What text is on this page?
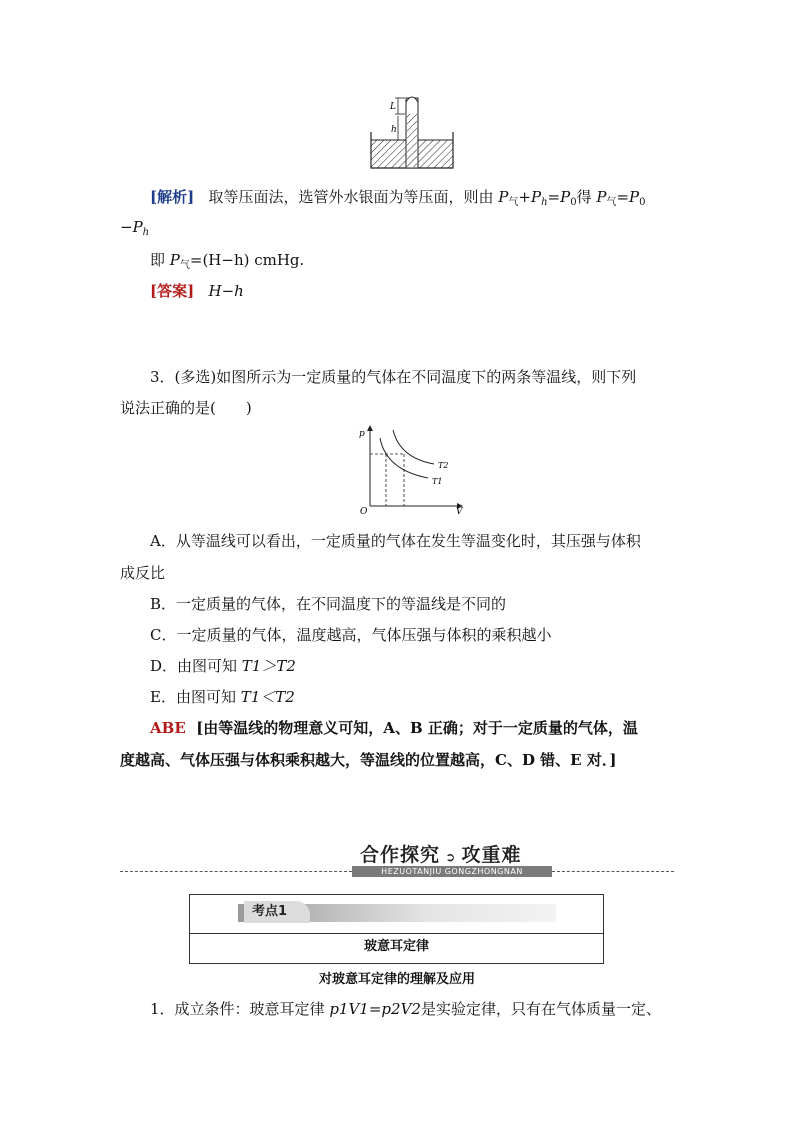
L
h
[解析] 取等压面法，选管外水银面为等压面，则由 $P_气+P_h=P_0$得 $P_气=P_0$
$-P_h$
即 $P_气=(H-h)$ cmHg.
[答案] H−h
3．(多选)如图所示为一定质量的气体在不同温度下的两条等温线，则下列
说法正确的是(　　)
p
V
O
T2
T1
A．从等温线可以看出，一定质量的气体在发生等温变化时，其压强与体积
成反比
B．一定质量的气体，在不同温度下的等温线是不同的
C．一定质量的气体，温度越高，气体压强与体积的乘积越小
D．由图可知 T1＞T2
E．由图可知 T1＜T2
ABE [由等温线的物理意义可知，A、B 正确；对于一定质量的气体，温
度越高、气体压强与体积乘积越大，等温线的位置越高，C、D 错、E 对．]
合作探究 ➲ 攻重难
HEZUOTANJIU GONGZHONGNAN
考点1
玻意耳定律
对玻意耳定律的理解及应用
1．成立条件：玻意耳定律 p1V1=p2V2是实验定律，只有在气体质量一定、
